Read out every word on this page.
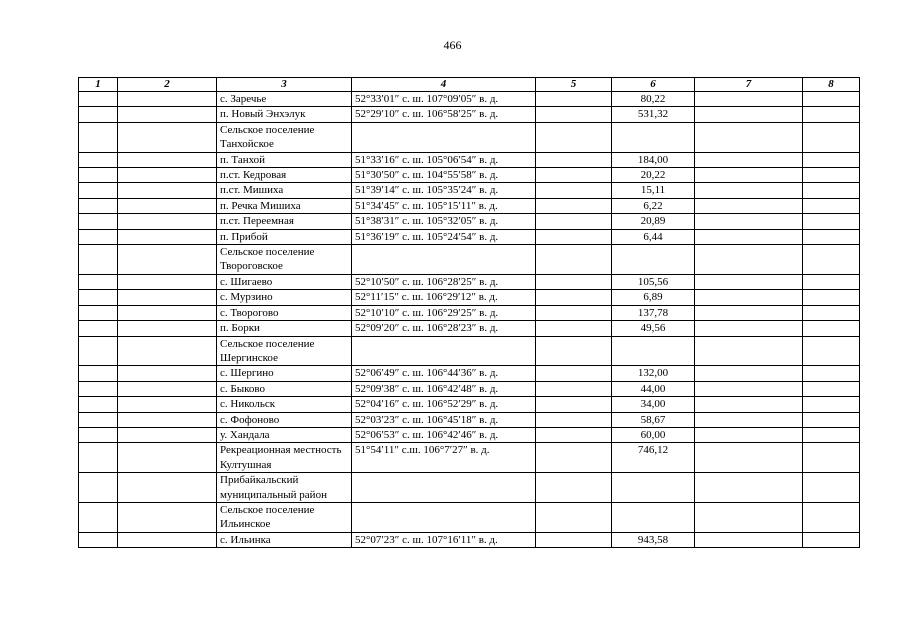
466
1	2	3	4	5	6	7	8
		с. Заречье	52°33′01″ с. ш. 107°09′05″ в. д.		80,22		
		п. Новый Энхэлук	52°29′10″ с. ш. 106°58′25″ в. д.		531,32		
		Сельское поселение Танхойское					
		п. Танхой	51°33′16″ с. ш. 105°06′54″ в. д.		184,00		
		п.ст. Кедровая	51°30′50″ с. ш. 104°55′58″ в. д.		20,22		
		п.ст. Мишиха	51°39′14″ с. ш. 105°35′24″ в. д.		15,11		
		п. Речка Мишиха	51°34′45″ с. ш. 105°15′11″ в. д.		6,22		
		п.ст. Переемная	51°38′31″ с. ш. 105°32′05″ в. д.		20,89		
		п. Прибой	51°36′19″ с. ш. 105°24′54″ в. д.		6,44		
		Сельское поселение Твороговское					
		с. Шигаево	52°10′50″ с. ш. 106°28′25″ в. д.		105,56		
		с. Мурзино	52°11′15″ с. ш. 106°29′12″ в. д.		6,89		
		с. Творогово	52°10′10″ с. ш. 106°29′25″ в. д.		137,78		
		п. Борки	52°09′20″ с. ш. 106°28′23″ в. д.		49,56		
		Сельское поселение Шергинское					
		с. Шергино	52°06′49″ с. ш. 106°44′36″ в. д.		132,00		
		с. Быково	52°09′38″ с. ш. 106°42′48″ в. д.		44,00		
		с. Никольск	52°04′16″ с. ш. 106°52′29″ в. д.		34,00		
		с. Фофоново	52°03′23″ с. ш. 106°45′18″ в. д.		58,67		
		у. Хандала	52°06′53″ с. ш. 106°42′46″ в. д.		60,00		
		Рекреационная местность Култушная	51°54′11″ с.ш. 106°7′27″ в. д.		746,12		
		Прибайкальский муниципальный район					
		Сельское поселение Ильинское					
		с. Ильинка	52°07′23″ с. ш. 107°16′11″ в. д.		943,58		
